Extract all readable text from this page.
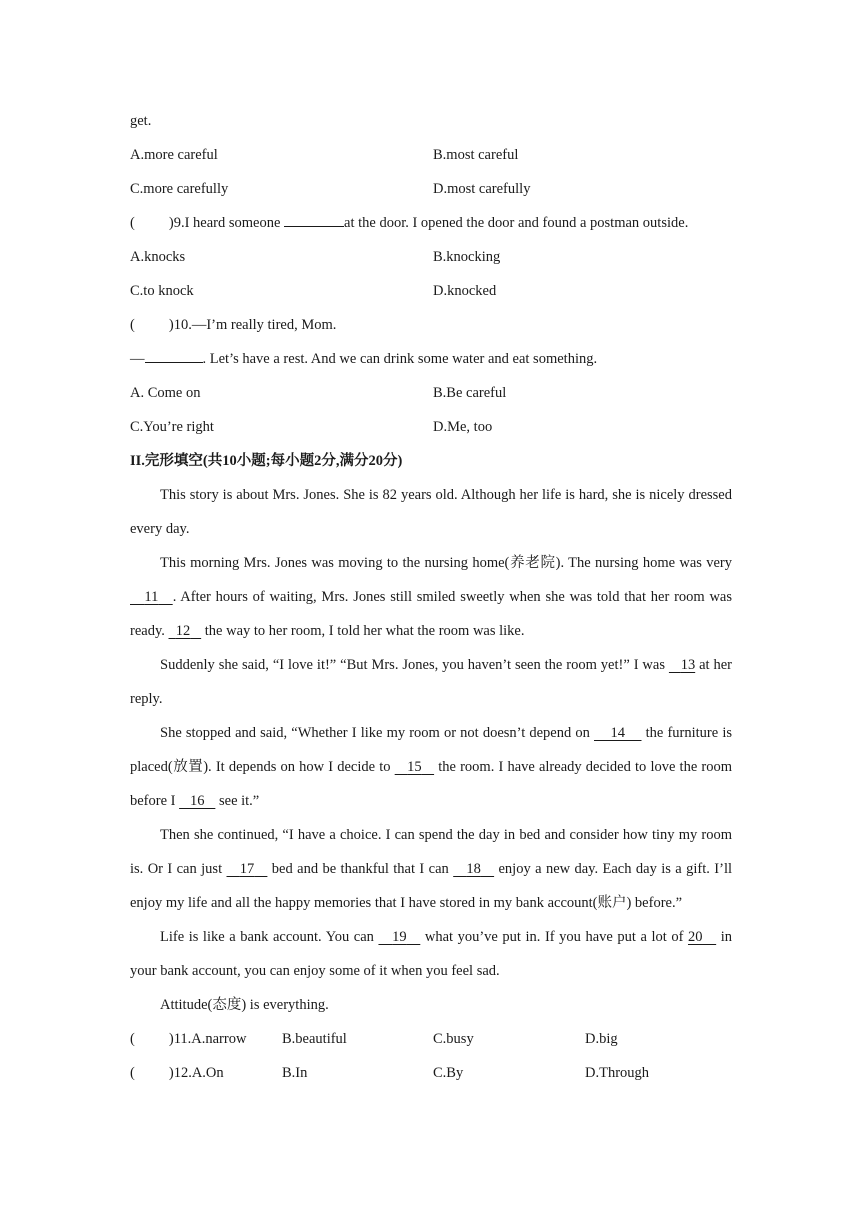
get.
A.more careful	B.most careful
C.more carefully	D.most carefully
( )9.I heard someone	at the door. I opened the door and found a postman outside.
A.knocks	B.knocking
C.to knock	D.knocked
( )10.—I’m really tired, Mom.
—	. Let’s have a rest. And we can drink some water and eat something.
A. Come on	B.Be careful
C.You’re right	D.Me, too
II.完形填空(共10小题;每小题2分,满分20分)
This story is about Mrs. Jones. She is 82 years old. Although her life is hard, she is nicely dressed every day.
This morning Mrs. Jones was moving to the nursing home(养老院). The nursing home was very    11 . After hours of waiting, Mrs. Jones still smiled sweetly when she was told that her room was ready.   12    the way to her room, I told her what the room was like.
Suddenly she said, “I love it!” “But Mrs. Jones, you haven’t seen the room yet!” I was    13 at her reply.
She stopped and said, “Whether I like my room or not doesn’t depend on     14     the furniture is placed(放置). It depends on how I decide to    15    the room. I have already decided to love the room before I    16    see it.”
Then she continued, “I have a choice. I can spend the day in bed and consider how tiny my room is. Or I can just    17    bed and be thankful that I can    18    enjoy a new day. Each day is a gift. I’ll enjoy my life and all the happy memories that I have stored in my bank account(账户) before.”
Life is like a bank account. You can    19    what you’ve put in. If you have put a lot of 20    in your bank account, you can enjoy some of it when you feel sad.
Attitude(态度) is everything.
( )11.A.narrow B.beautiful	C.busy	D.big
( )12.A.On	B.In	C.By	D.Through
